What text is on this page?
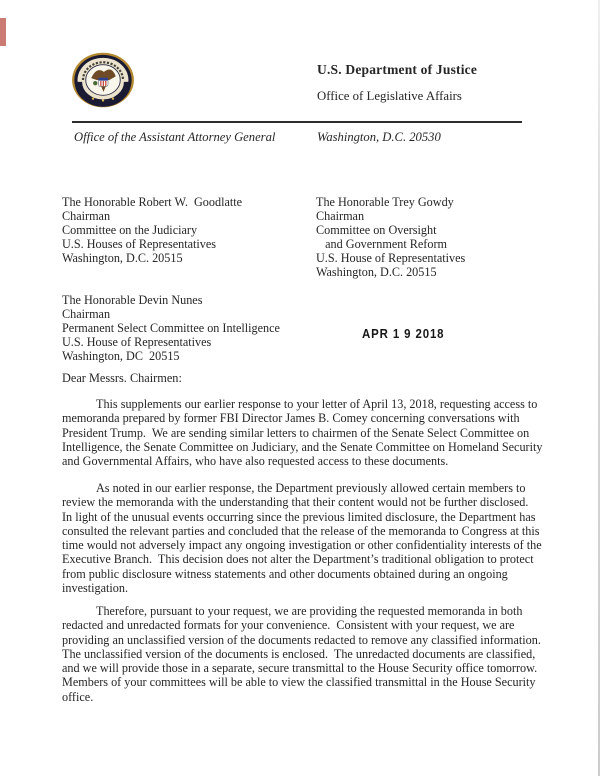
U.S. Department of Justice
Office of Legislative Affairs
Office of the Assistant Attorney General	Washington, D.C. 20530
The Honorable Robert W.  Goodlatte
Chairman
Committee on the Judiciary
U.S. Houses of Representatives
Washington, D.C. 20515
The Honorable Trey Gowdy
Chairman
Committee on Oversight
and Government Reform
U.S. House of Representatives
Washington, D.C. 20515
The Honorable Devin Nunes
Chairman
Permanent Select Committee on Intelligence
U.S. House of Representatives
Washington, DC  20515
APR 1 9 2018
Dear Messrs. Chairmen:
This supplements our earlier response to your letter of April 13, 2018, requesting access to memoranda prepared by former FBI Director James B. Comey concerning conversations with President Trump.  We are sending similar letters to chairmen of the Senate Select Committee on Intelligence, the Senate Committee on Judiciary, and the Senate Committee on Homeland Security and Governmental Affairs, who have also requested access to these documents.
As noted in our earlier response, the Department previously allowed certain members to review the memoranda with the understanding that their content would not be further disclosed.  In light of the unusual events occurring since the previous limited disclosure, the Department has consulted the relevant parties and concluded that the release of the memoranda to Congress at this time would not adversely impact any ongoing investigation or other confidentiality interests of the Executive Branch.  This decision does not alter the Department’s traditional obligation to protect from public disclosure witness statements and other documents obtained during an ongoing investigation.
Therefore, pursuant to your request, we are providing the requested memoranda in both redacted and unredacted formats for your convenience.  Consistent with your request, we are providing an unclassified version of the documents redacted to remove any classified information.  The unclassified version of the documents is enclosed.  The unredacted documents are classified, and we will provide those in a separate, secure transmittal to the House Security office tomorrow.  Members of your committees will be able to view the classified transmittal in the House Security office.
